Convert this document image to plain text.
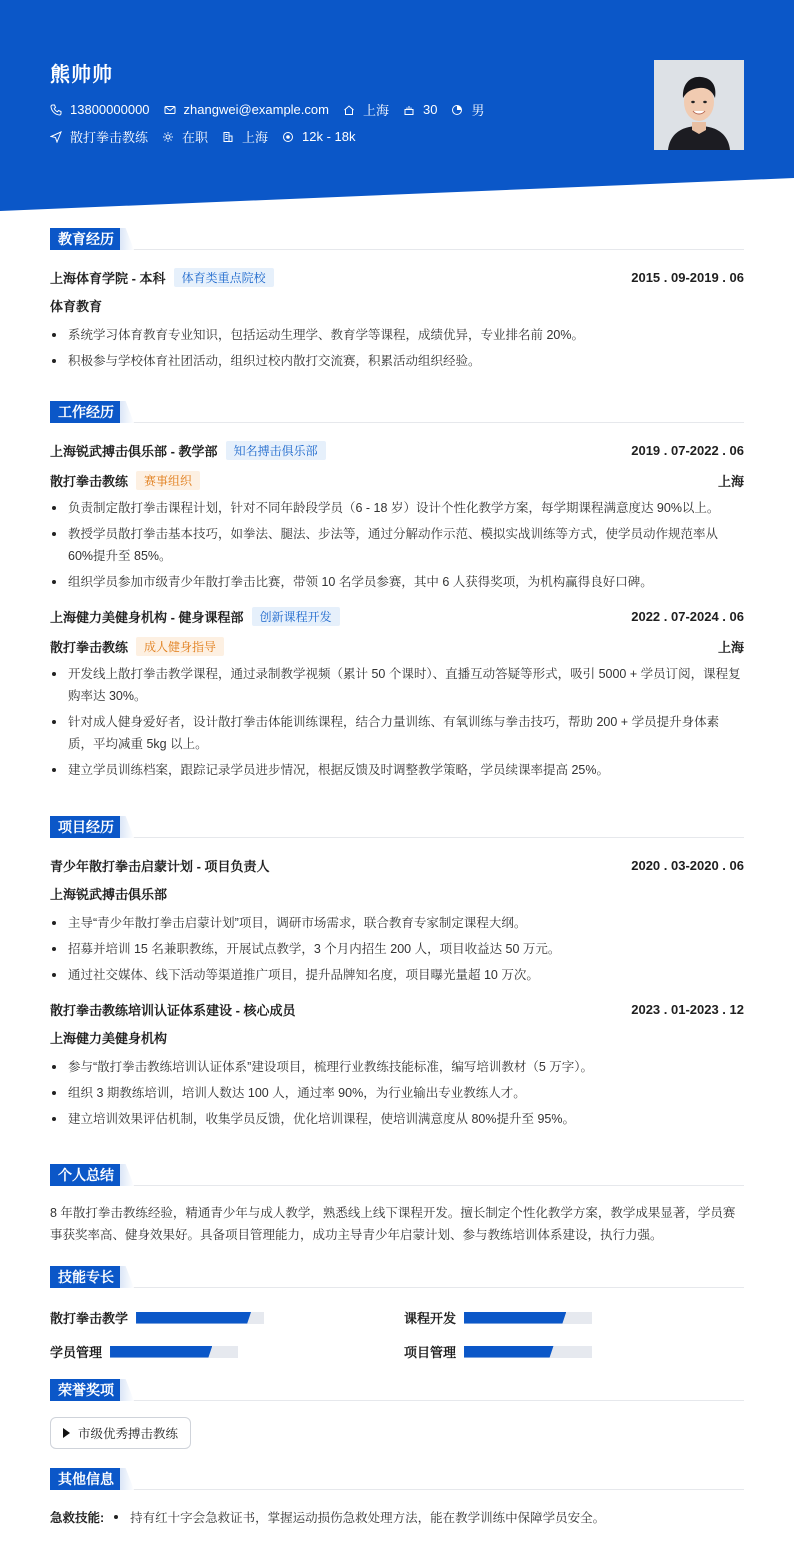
熊帅帅
13800000000	zhangwei@example.com	上海	30	男
散打拳击教练	在职	上海	12k - 18k
教育经历
上海体育学院 - 本科	体育类重点院校	2015 . 09-2019 . 06
体育教育
系统学习体育教育专业知识，包括运动生理学、教育学等课程，成绩优异，专业排名前 20%。
积极参与学校体育社团活动，组织过校内散打交流赛，积累活动组织经验。
工作经历
上海锐武搏击俱乐部 - 教学部	知名搏击俱乐部	2019 . 07-2022 . 06
散打拳击教练	赛事组织	上海
负责制定散打拳击课程计划，针对不同年龄段学员（6 - 18 岁）设计个性化教学方案，每学期课程满意度达 90%以上。
教授学员散打拳击基本技巧，如拳法、腿法、步法等，通过分解动作示范、模拟实战训练等方式，使学员动作规范率从 60%提升至 85%。
组织学员参加市级青少年散打拳击比赛，带领 10 名学员参赛，其中 6 人获得奖项，为机构赢得良好口碑。
上海健力美健身机构 - 健身课程部	创新课程开发	2022 . 07-2024 . 06
散打拳击教练	成人健身指导	上海
开发线上散打拳击教学课程，通过录制教学视频（累计 50 个课时）、直播互动答疑等形式，吸引 5000 + 学员订阅，课程复购率达 30%。
针对成人健身爱好者，设计散打拳击体能训练课程，结合力量训练、有氧训练与拳击技巧，帮助 200 + 学员提升身体素质，平均减重 5kg 以上。
建立学员训练档案，跟踪记录学员进步情况，根据反馈及时调整教学策略，学员续课率提高 25%。
项目经历
青少年散打拳击启蒙计划 - 项目负责人	2020 . 03-2020 . 06
上海锐武搏击俱乐部
主导“青少年散打拳击启蒙计划”项目，调研市场需求，联合教育专家制定课程大纲。
招募并培训 15 名兼职教练，开展试点教学，3 个月内招生 200 人，项目收益达 50 万元。
通过社交媒体、线下活动等渠道推广项目，提升品牌知名度，项目曝光量超 10 万次。
散打拳击教练培训认证体系建设 - 核心成员	2023 . 01-2023 . 12
上海健力美健身机构
参与“散打拳击教练培训认证体系”建设项目，梳理行业教练技能标准，编写培训教材（5 万字）。
组织 3 期教练培训，培训人数达 100 人，通过率 90%，为行业输出专业教练人才。
建立培训效果评估机制，收集学员反馈，优化培训课程，使培训满意度从 80%提升至 95%。
个人总结
8 年散打拳击教练经验，精通青少年与成人教学，熟悉线上线下课程开发。擅长制定个性化教学方案，教学成果显著，学员赛事获奖率高、健身效果好。具备项目管理能力，成功主导青少年启蒙计划、参与教练培训体系建设，执行力强。
技能专长
散打拳击教学	课程开发
学员管理	项目管理
荣誉奖项
市级优秀搏击教练
其他信息
急救技能: 持有红十字会急救证书，掌握运动损伤急救处理方法，能在教学训练中保障学员安全。
